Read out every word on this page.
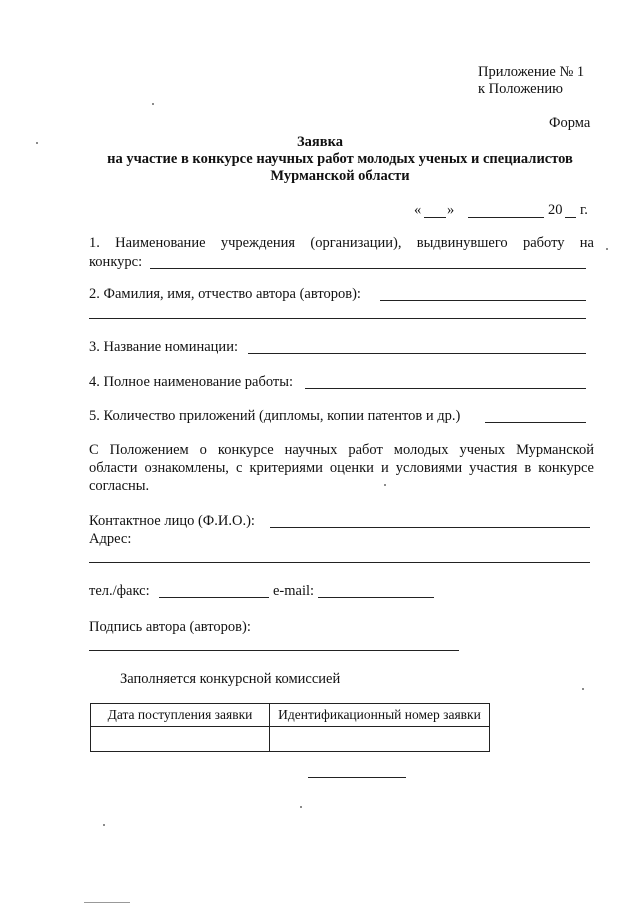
Приложение № 1
к Положению
Форма
Заявка
на участие в конкурсе научных работ молодых ученых и специалистов
Мурманской области
« »	20 г.
1. Наименование учреждения (организации), выдвинувшего работу на
конкурс:
2. Фамилия, имя, отчество автора (авторов):
3. Название номинации:
4. Полное наименование работы:
5. Количество приложений (дипломы, копии патентов и др.)
С Положением о конкурсе научных работ молодых ученых Мурманской
области ознакомлены, с критериями оценки и условиями участия в конкурсе
согласны.
Контактное лицо (Ф.И.О.):
Адрес:
тел./факс:	e-mail:
Подпись автора (авторов):
Заполняется конкурсной комиссией
Дата поступления заявки	Идентификационный номер заявки
